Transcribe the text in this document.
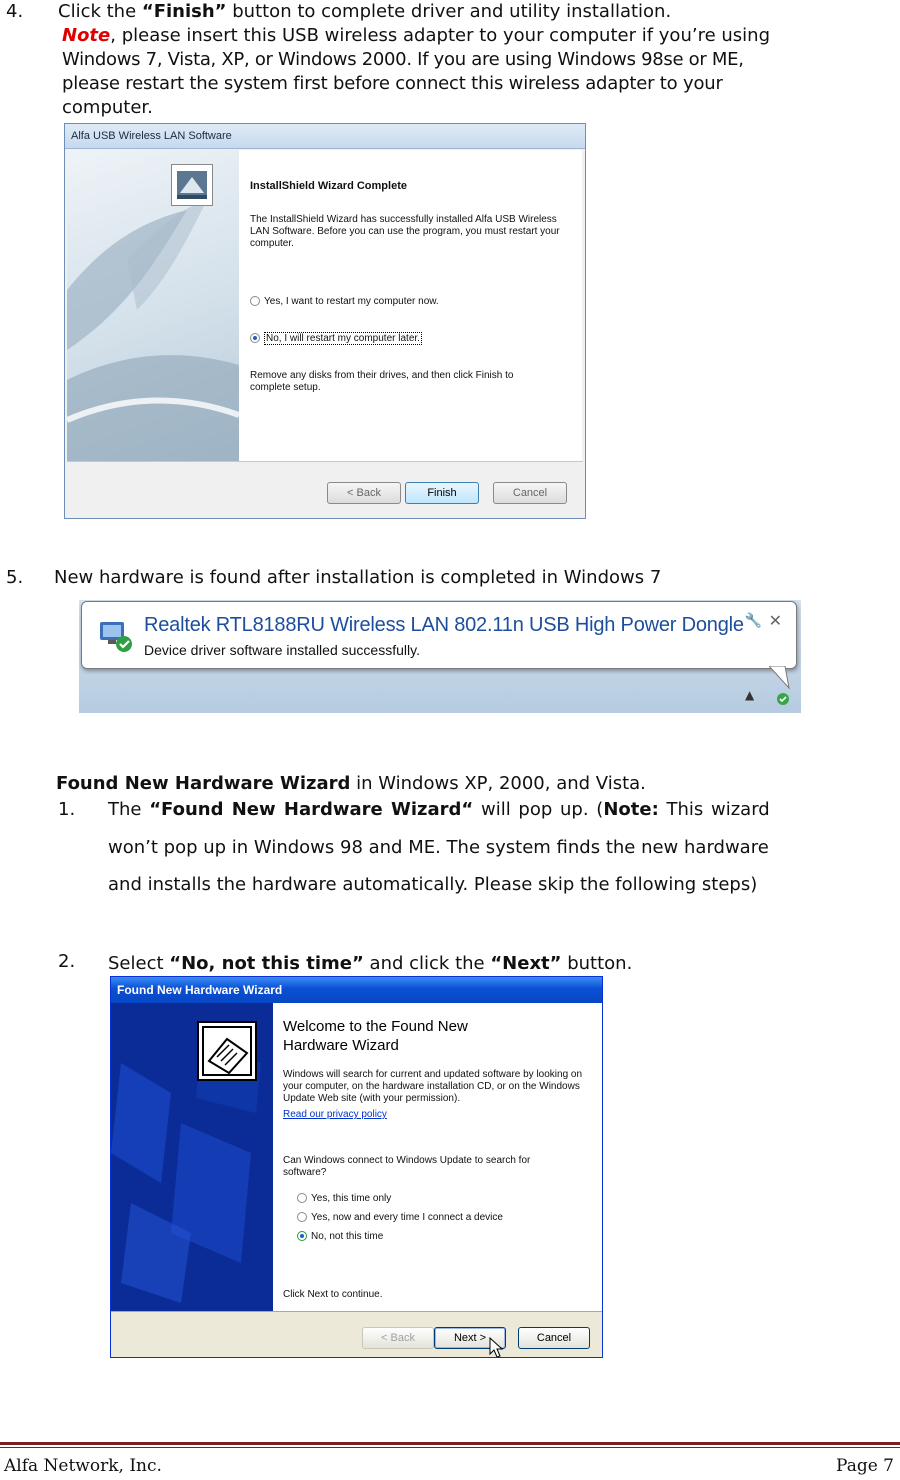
4. Click the “Finish” button to complete driver and utility installation.
Note, please insert this USB wireless adapter to your computer if you’re using
Windows 7, Vista, XP, or Windows 2000. If you are using Windows 98se or ME,
please restart the system first before connect this wireless adapter to your
computer.
Alfa USB Wireless LAN Software
InstallShield Wizard Complete
The InstallShield Wizard has successfully installed Alfa USB Wireless LAN Software. Before you can use the program, you must restart your computer.
Yes, I want to restart my computer now.
No, I will restart my computer later.
Remove any disks from their drives, and then click Finish to complete setup.
< Back	Finish	Cancel
5. New hardware is found after installation is completed in Windows 7
Realtek RTL8188RU Wireless LAN 802.11n USB High Power Dongle
Device driver software installed successfully.
🔧 ✕
▲
Found New Hardware Wizard in Windows XP, 2000, and Vista.
1. The “Found New Hardware Wizard“ will pop up. (Note: This wizard
won’t pop up in Windows 98 and ME. The system finds the new hardware
and installs the hardware automatically. Please skip the following steps)
2. Select “No, not this time” and click the “Next” button.
Found New Hardware Wizard
Welcome to the Found New
Hardware Wizard
Windows will search for current and updated software by looking on your computer, on the hardware installation CD, or on the Windows Update Web site (with your permission).
Read our privacy policy
Can Windows connect to Windows Update to search for software?
Yes, this time only
Yes, now and every time I connect a device
No, not this time
Click Next to continue.
< Back	Next >	Cancel
Alfa Network, Inc.	Page 7
